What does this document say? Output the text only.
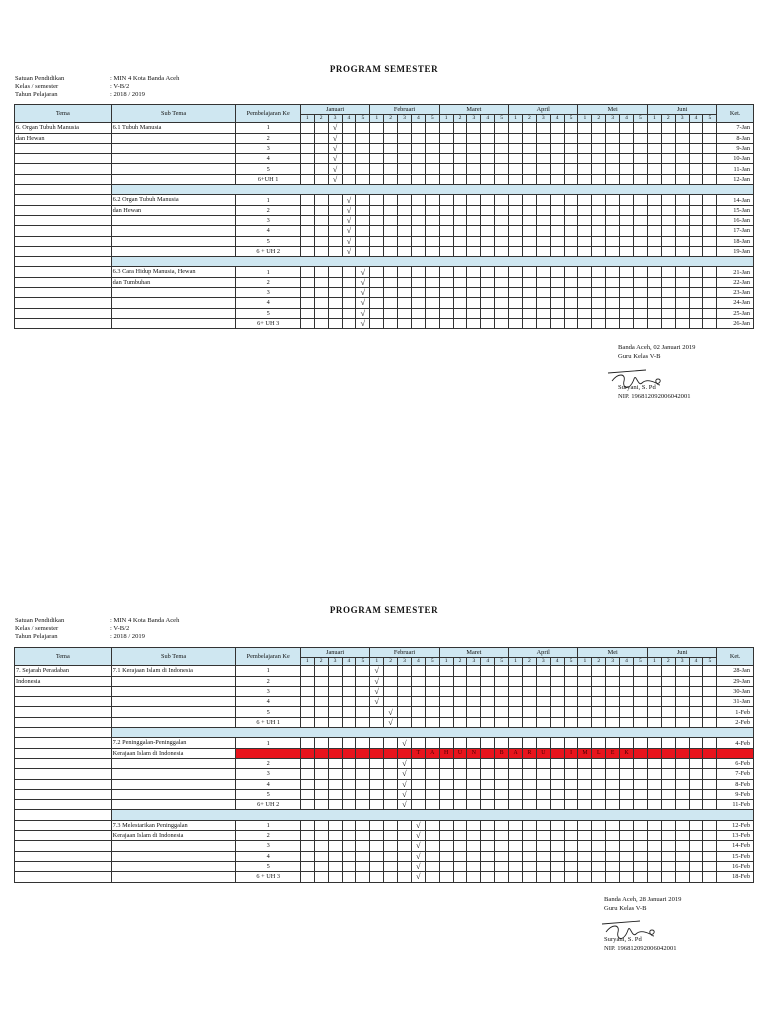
PROGRAM SEMESTER
Satuan Pendidikan	: MIN 4 Kota Banda Aceh
Kelas / semester	: V-B/2
Tahun Pelajaran	: 2018 / 2019
Tema	Sub Tema	Pembelajaran Ke	Januari					Februari					Maret					April					Mei					Juni					Ket.
			1	2	3	4	5	1	2	3	4	5	1	2	3	4	5	1	2	3	4	5	1	2	3	4	5	1	2	3	4	5	
6. Organ Tubuh Manusia	6.1 Tubuh Manusia	1			√																												7-Jan
dan Hewan		2			√																												8-Jan
		3			√																												9-Jan
		4			√																												10-Jan
		5			√																												11-Jan
		6+UH 1			√																												12-Jan

	6.2 Organ Tubuh Manusia	1				√																											14-Jan
	dan Hewan	2				√																											15-Jan
		3				√																											16-Jan
		4				√																											17-Jan
		5				√																											18-Jan
		6 + UH 2				√																											19-Jan

	6.3 Cara Hidup Manusia, Hewan	1					√																										21-Jan
	dan Tumbuhan	2					√																										22-Jan
		3					√																										23-Jan
		4					√																										24-Jan
		5					√																										25-Jan
		6+ UH 3					√																										26-Jan
Banda Aceh, 02 Januari 2019
Guru Kelas V-B
Suryani, S. Pd
NIP. 196812092006042001
PROGRAM SEMESTER
Satuan Pendidikan	: MIN 4 Kota Banda Aceh
Kelas / semester	: V-B/2
Tahun Pelajaran	: 2018 / 2019
Tema	Sub Tema	Pembelajaran Ke	Januari					Februari					Maret					April					Mei					Juni					Ket.
			1	2	3	4	5	1	2	3	4	5	1	2	3	4	5	1	2	3	4	5	1	2	3	4	5	1	2	3	4	5	
7. Sejarah Peradaban	7.1 Kerajaan Islam di Indonesia	1						√																									28-Jan
Indonesia		2						√																									29-Jan
		3						√																									30-Jan
		4						√																									31-Jan
		5							√																								1-Feb
		6 + UH 1							√																								2-Feb

	7.2 Peninggalan-Peninggalan	1								√																							4-Feb
	Kerajaan Islam di Indonesia										T	A	H	U	N		B	A	R	U		I	M	L	E	K							
		2								√																							6-Feb
		3								√																							7-Feb
		4								√																							8-Feb
		5								√																							9-Feb
		6+ UH 2								√																							11-Feb

	7.3 Melestarikan Peninggalan	1									√																						12-Feb
	Kerajaan Islam di Indonesia	2									√																						13-Feb
		3									√																						14-Feb
		4									√																						15-Feb
		5									√																						16-Feb
		6 + UH 3									√																						18-Feb
Banda Aceh, 28 Januari 2019
Guru Kelas V-B
Suryani, S. Pd
NIP. 196812092006042001
